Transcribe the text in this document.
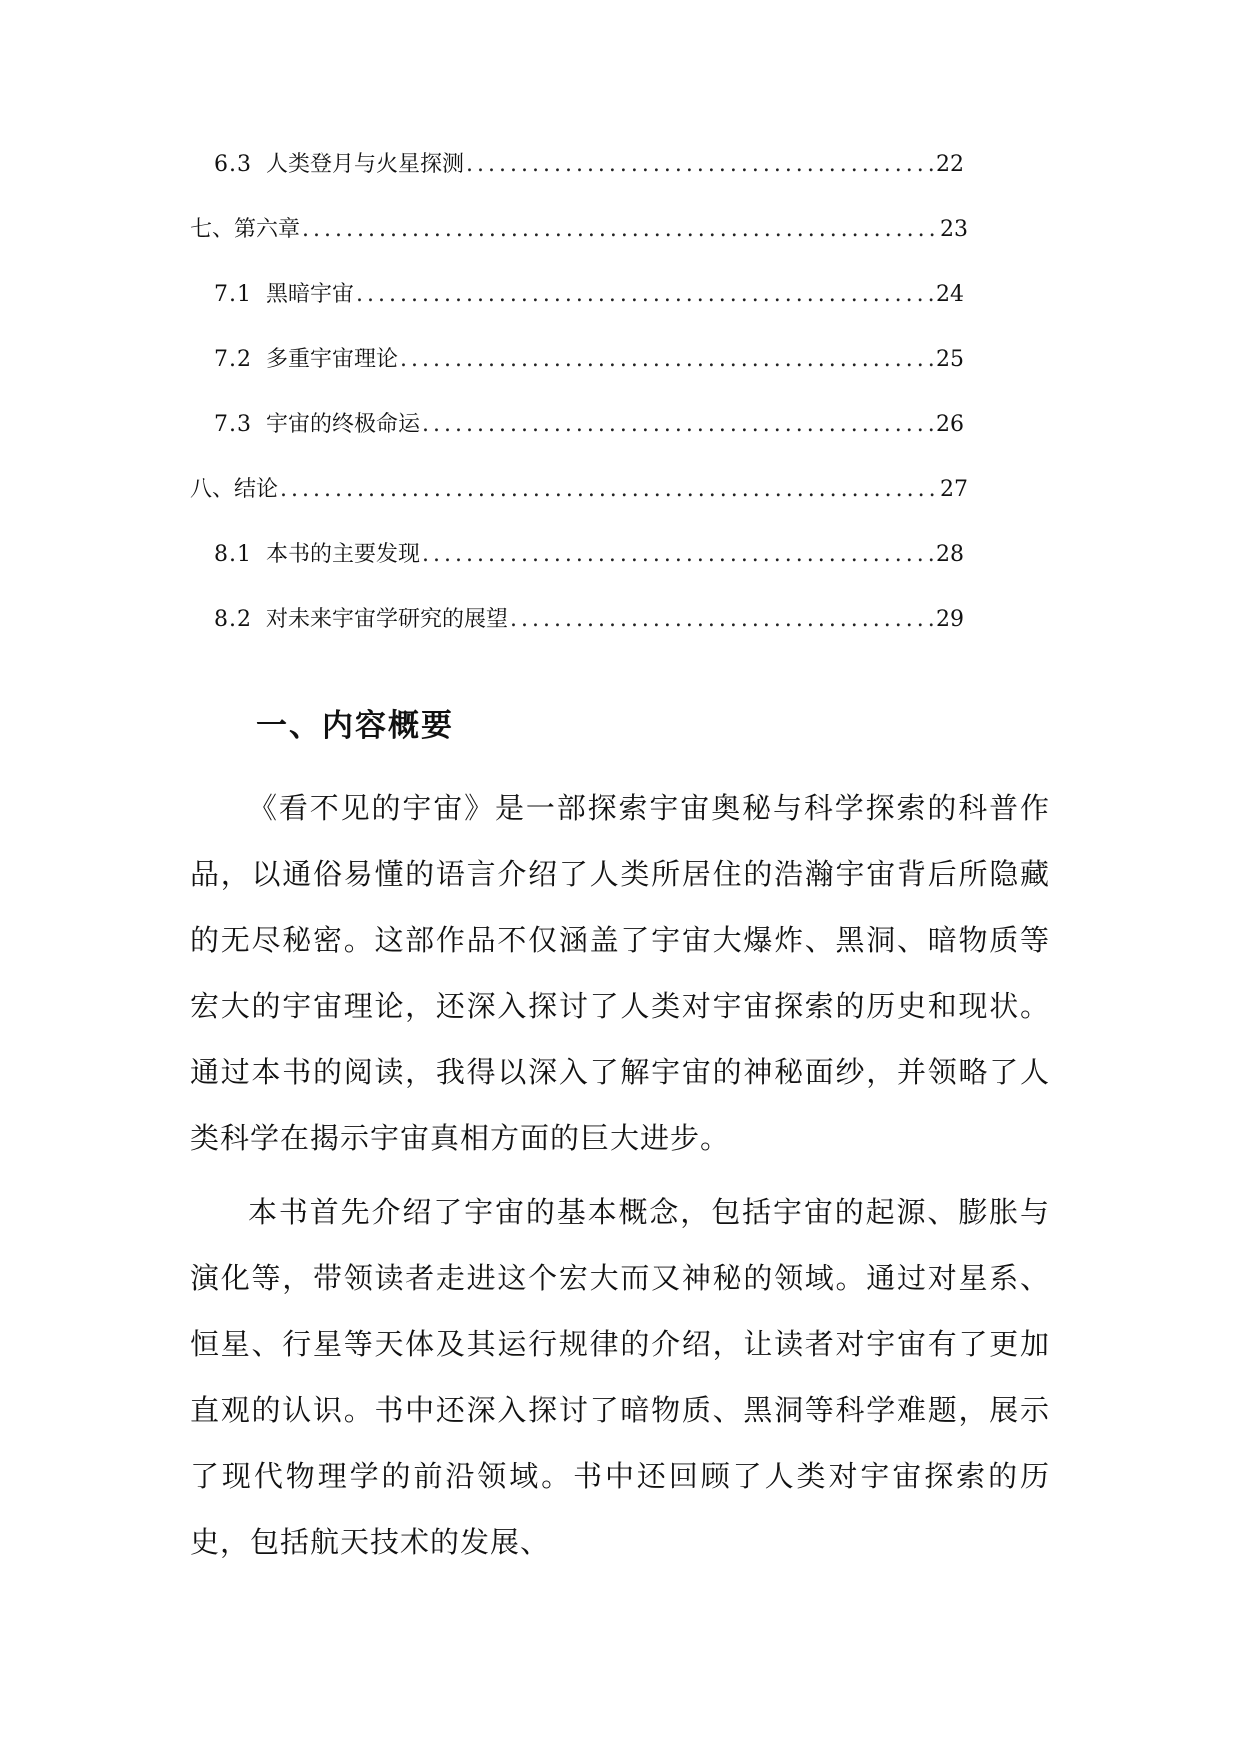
6.3 人类登月与火星探测 .....	22
七、第六章 .....	23
7.1 黑暗宇宙 .....	24
7.2 多重宇宙理论 .....	25
7.3 宇宙的终极命运 .....	26
八、结论 .....	27
8.1 本书的主要发现 .....	28
8.2 对未来宇宙学研究的展望 .....	29
一、内容概要

《看不见的宇宙》是一部探索宇宙奥秘与科学探索的科普作品，以通俗易懂的语言介绍了人类所居住的浩瀚宇宙背后所隐藏的无尽秘密。这部作品不仅涵盖了宇宙大爆炸、黑洞、暗物质等宏大的宇宙理论，还深入探讨了人类对宇宙探索的历史和现状。通过本书的阅读，我得以深入了解宇宙的神秘面纱，并领略了人类科学在揭示宇宙真相方面的巨大进步。

本书首先介绍了宇宙的基本概念，包括宇宙的起源、膨胀与演化等，带领读者走进这个宏大而又神秘的领域。通过对星系、恒星、行星等天体及其运行规律的介绍，让读者对宇宙有了更加直观的认识。书中还深入探讨了暗物质、黑洞等科学难题，展示了现代物理学的前沿领域。书中还回顾了人类对宇宙探索的历史，包括航天技术的发展、
